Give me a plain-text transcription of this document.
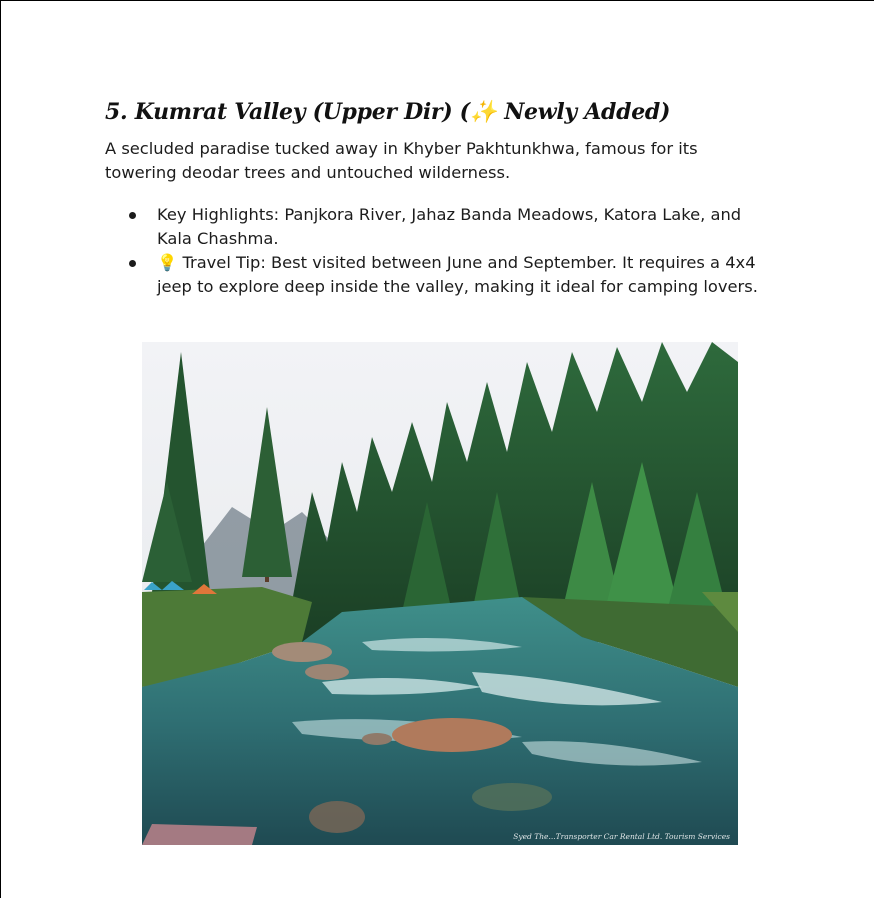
5. Kumrat Valley (Upper Dir) (✨ Newly Added)

A secluded paradise tucked away in Khyber Pakhtunkhwa, famous for its towering deodar trees and untouched wilderness.

Key Highlights: Panjkora River, Jahaz Banda Meadows, Katora Lake, and Kala Chashma.
💡 Travel Tip: Best visited between June and September. It requires a 4x4 jeep to explore deep inside the valley, making it ideal for camping lovers.
Syed The...Transporter Car Rental Ltd. Tourism Services
